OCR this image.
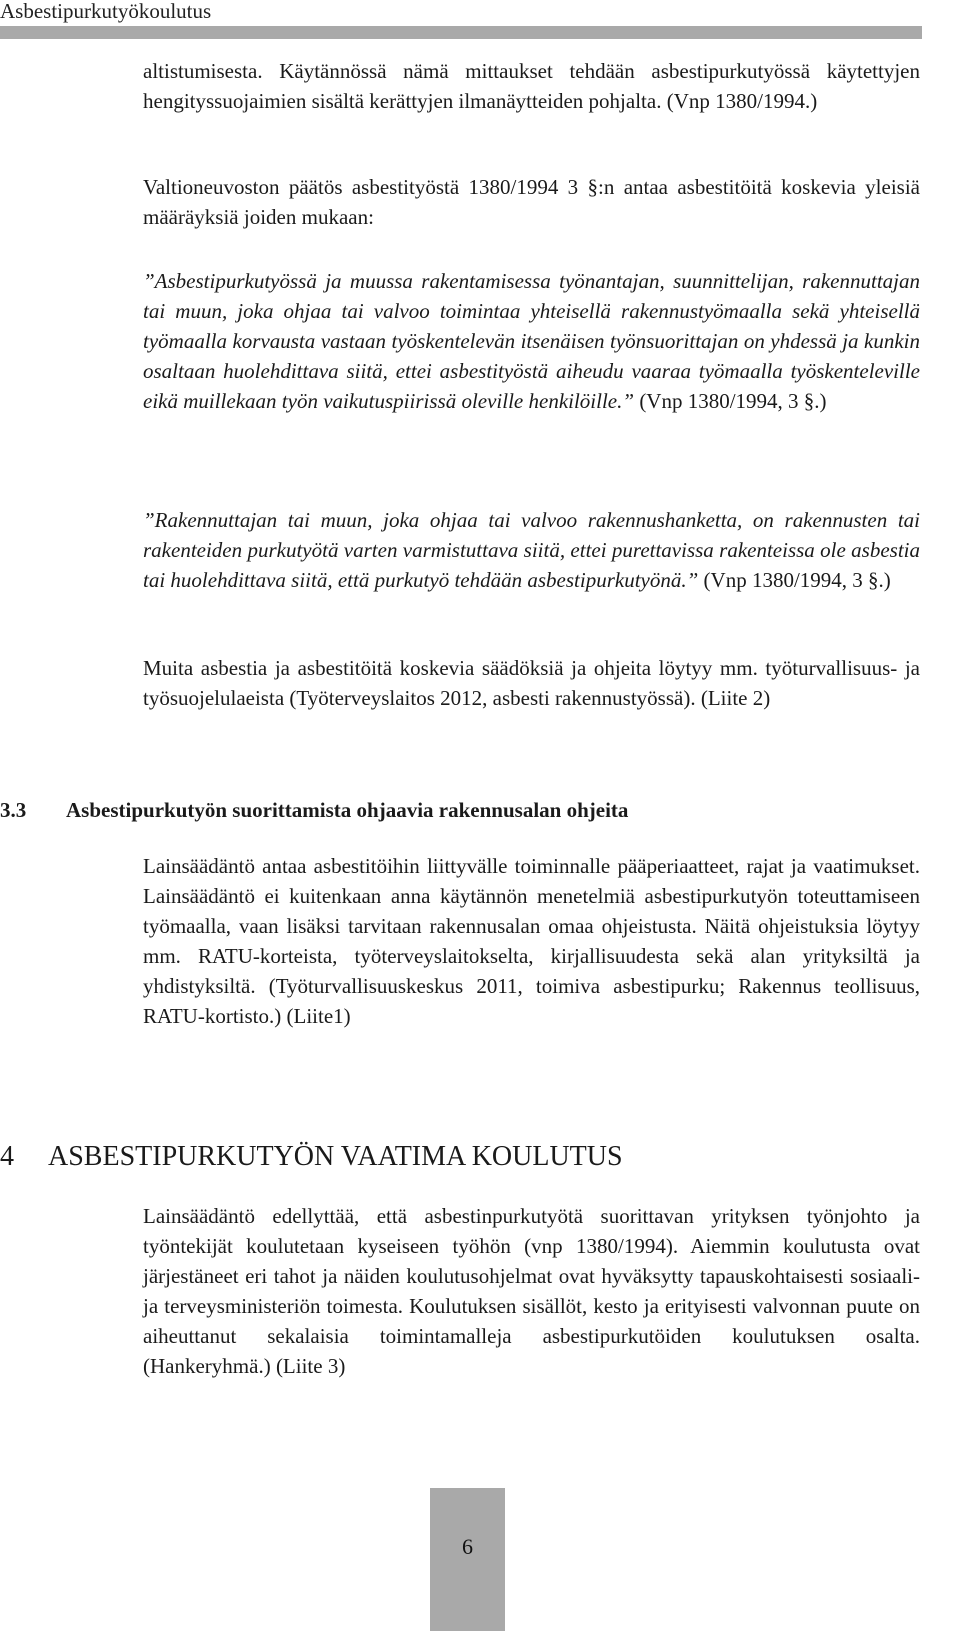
Asbestipurkutyökoulutus

altistumisesta. Käytännössä nämä mittaukset tehdään asbestipurkutyössä käytettyjen hengityssuojaimien sisältä kerättyjen ilmanäytteiden pohjalta. (Vnp 1380/1994.)

Valtioneuvoston päätös asbestityöstä 1380/1994 3 §:n antaa asbestitöitä koskevia yleisiä määräyksiä joiden mukaan:

”Asbestipurkutyössä ja muussa rakentamisessa työnantajan, suunnittelijan, rakennuttajan tai muun, joka ohjaa tai valvoo toimintaa yhteisellä rakennustyömaalla sekä yhteisellä työmaalla korvausta vastaan työskentelevän itsenäisen työnsuorittajan on yhdessä ja kunkin osaltaan huolehdittava siitä, ettei asbestityöstä aiheudu vaaraa työmaalla työskenteleville eikä muillekaan työn vaikutuspiirissä oleville henkilöille.” (Vnp 1380/1994, 3 §.)

”Rakennuttajan tai muun, joka ohjaa tai valvoo rakennushanketta, on rakennusten tai rakenteiden purkutyötä varten varmistuttava siitä, ettei purettavissa rakenteissa ole asbestia tai huolehdittava siitä, että purkutyö tehdään asbestipurkutyönä.” (Vnp 1380/1994, 3 §.)

Muita asbestia ja asbestitöitä koskevia säädöksiä ja ohjeita löytyy mm. työturvallisuus- ja työsuojelulaeista (Työterveyslaitos 2012, asbesti rakennustyössä). (Liite 2)

3.3 Asbestipurkutyön suorittamista ohjaavia rakennusalan ohjeita

Lainsäädäntö antaa asbestitöihin liittyvälle toiminnalle pääperiaatteet, rajat ja vaatimukset. Lainsäädäntö ei kuitenkaan anna käytännön menetelmiä asbestipurkutyön toteuttamiseen työmaalla, vaan lisäksi tarvitaan rakennusalan omaa ohjeistusta. Näitä ohjeistuksia löytyy mm. RATU-korteista, työterveyslaitokselta, kirjallisuudesta sekä alan yrityksiltä ja yhdistyksiltä. (Työturvallisuuskeskus 2011, toimiva asbestipurku; Rakennus teollisuus, RATU-kortisto.) (Liite1)

4 ASBESTIPURKUTYÖN VAATIMA KOULUTUS

Lainsäädäntö edellyttää, että asbestinpurkutyötä suorittavan yrityksen työnjohto ja työntekijät koulutetaan kyseiseen työhön (vnp 1380/1994). Aiemmin koulutusta ovat järjestäneet eri tahot ja näiden koulutusohjelmat ovat hyväksytty tapauskohtaisesti sosiaali- ja terveysministeriön toimesta. Koulutuksen sisällöt, kesto ja erityisesti valvonnan puute on aiheuttanut sekalaisia toimintamalleja asbestipurkutöiden koulutuksen osalta. (Hankeryhmä.) (Liite 3)

6
